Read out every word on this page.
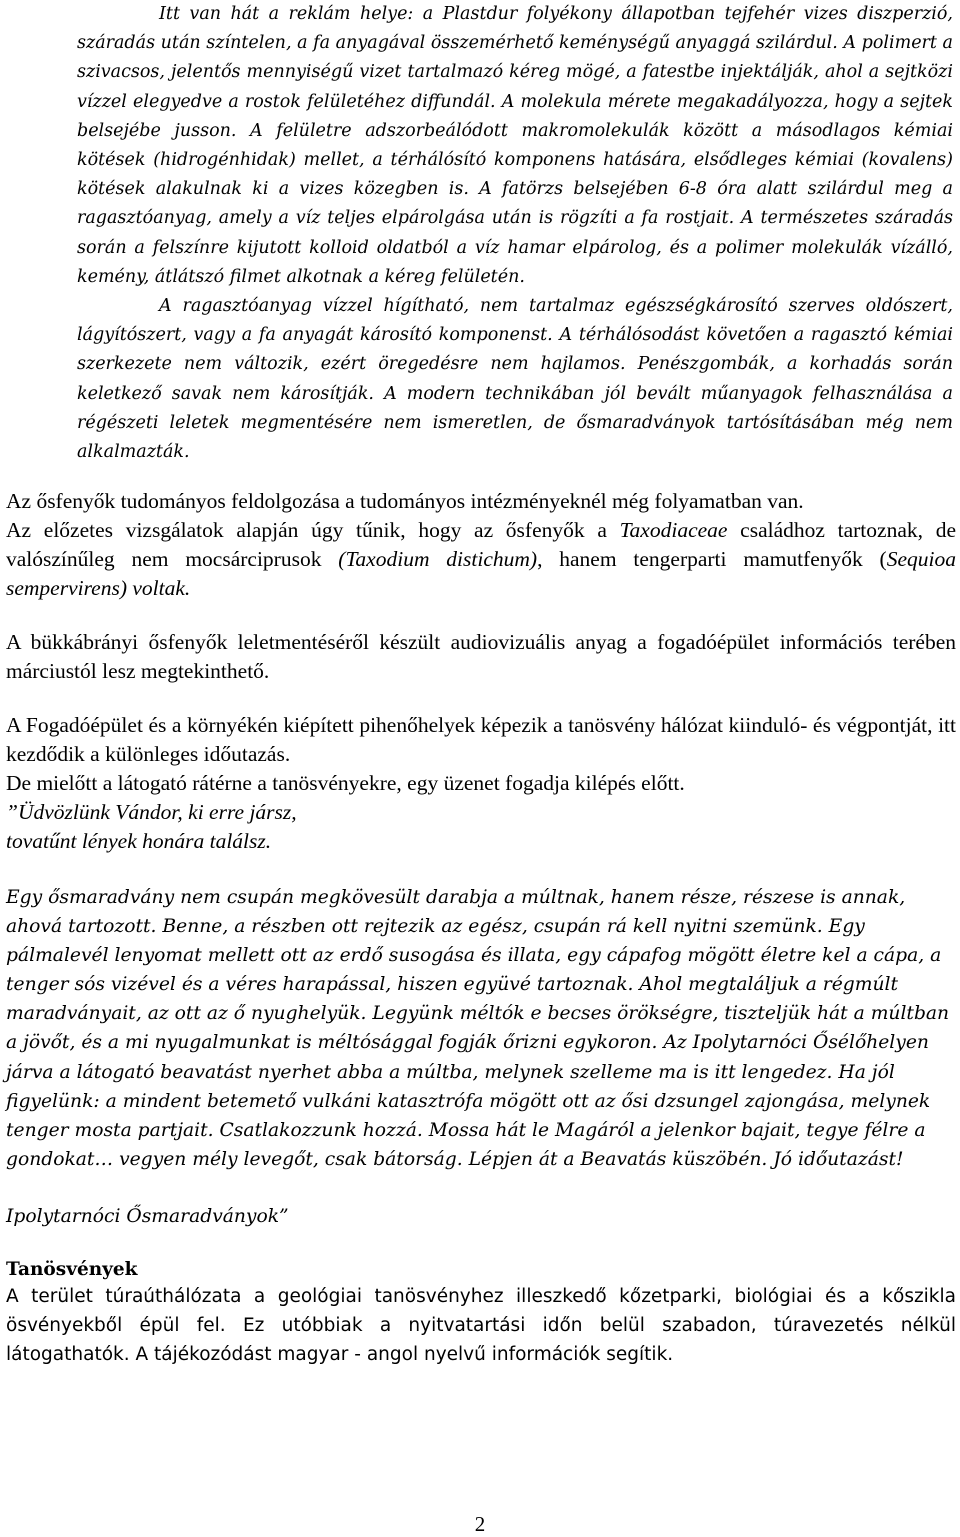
Itt van hát a reklám helye: a Plastdur folyékony állapotban tejfehér vizes diszperzió, száradás után színtelen, a fa anyagával összemérhető keménységű anyaggá szilárdul. A polimert a szivacsos, jelentős mennyiségű vizet tartalmazó kéreg mögé, a fatestbe injektálják, ahol a sejtközi vízzel elegyedve a rostok felületéhez diffundál. A molekula mérete megakadályozza, hogy a sejtek belsejébe jusson. A felületre adszorbeálódott makromolekulák között a másodlagos kémiai kötések (hidrogénhidak) mellet, a térhálósító komponens hatására, elsődleges kémiai (kovalens) kötések alakulnak ki a vizes közegben is. A fatörzs belsejében 6-8 óra alatt szilárdul meg a ragasztóanyag, amely a víz teljes elpárolgása után is rögzíti a fa rostjait. A természetes száradás során a felszínre kijutott kolloid oldatból a víz hamar elpárolog, és a polimer molekulák vízálló, kemény, átlátszó filmet alkotnak a kéreg felületén.
Az ősfenyők tudományos feldolgozása a tudományos intézményeknél még folyamatban van.
Az előzetes vizsgálatok alapján úgy tűnik, hogy az ősfenyők a Taxodiaceae családhoz tartoznak, de valószínűleg nem mocsárciprusok (Taxodium distichum), hanem tengerparti mamutfenyők (Sequioa sempervirens) voltak.
A ragasztóanyag vízzel hígítható, nem tartalmaz egészségkárosító szerves oldószert, lágyítószert, vagy a fa anyagát károsító komponenst. A térhálósodást követően a ragasztó kémiai szerkezete nem változik, ezért öregedésre nem hajlamos. Penészgombák, a korhadás során keletkező savak nem károsítják. A modern technikában jól bevált műanyagok felhasználása a régészeti leletek megmentésére nem ismeretlen, de ősmaradványok tartósításában még nem alkalmazták.
A bükkábrányi ősfenyők leletmentéséről készült audiovizuális anyag a fogadóépület információs terében márciustól lesz megtekinthető.
A Fogadóépület és a környékén kiépített pihenőhelyek képezik a tanösvény hálózat kiinduló- és végpontját, itt kezdődik a különleges időutazás.
De mielőtt a látogató rátérne a tanösvényekre, egy üzenet fogadja kilépés előtt.
”Üdvözlünk Vándor, ki erre jársz,
tovatűnt lények honára találsz.
Egy ősmaradvány nem csupán megkövesült darabja a múltnak, hanem része, részese is annak, ahová tartozott. Benne, a részben ott rejtezik az egész, csupán rá kell nyitni szemünk. Egy pálmalevél lenyomat mellett ott az erdő susogása és illata, egy cápafog mögött életre kel a cápa, a tenger sós vizével és a véres harapással, hiszen együvé tartoznak. Ahol megtaláljuk a régmúlt maradványait, az ott az ő nyughelyük. Legyünk méltók e becses örökségre, tiszteljük hát a múltban a jövőt, és a mi nyugalmunkat is méltósággal fogják őrizni egykoron. Az Ipolytarnóci Ősélőhelyen járva a látogató beavatást nyerhet abba a múltba, melynek szelleme ma is itt lengedez. Ha jól figyelünk: a mindent betemető vulkáni katasztrófa mögött ott az ősi dzsungel zajongása, melynek tenger mosta partjait. Csatlakozzunk hozzá. Mossa hát le Magáról a jelenkor bajait, tegye félre a gondokat… vegyen mély levegőt, csak bátorság. Lépjen át a Beavatás küszöbén. Jó időutazást!
Ipolytarnóci Ősmaradványok”
Tanösvények
A terület túraúthálózata a geológiai tanösvényhez illeszkedő kőzetparki, biológiai és a kőszikla ösvényekből épül fel. Ez utóbbiak a nyitvatartási időn belül szabadon, túravezetés nélkül látogathatók. A tájékozódást magyar - angol nyelvű információk segítik.
2
